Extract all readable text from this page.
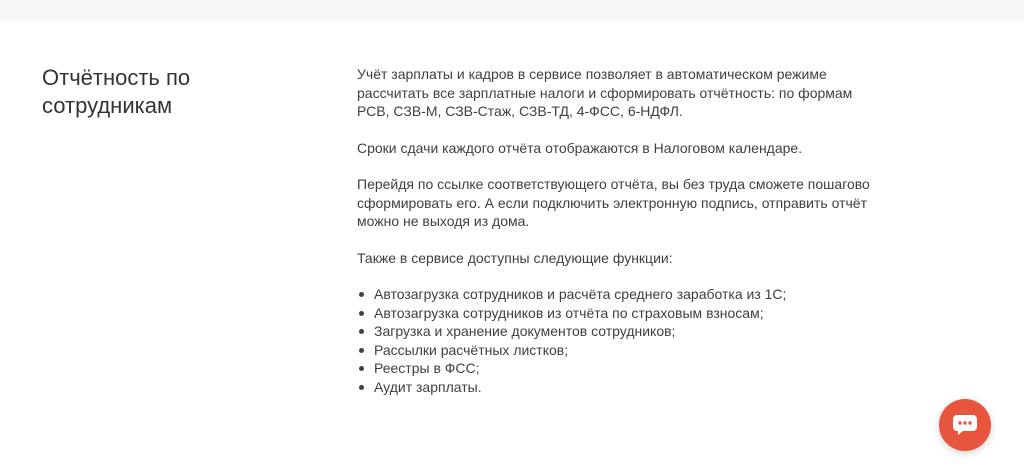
Отчётность по сотрудникам

Учёт зарплаты и кадров в сервисе позволяет в автоматическом режиме рассчитать все зарплатные налоги и сформировать отчётность: по формам РСВ, СЗВ-М, СЗВ-Стаж, СЗВ-ТД, 4-ФСС, 6-НДФЛ.

Сроки сдачи каждого отчёта отображаются в Налоговом календаре.

Перейдя по ссылке соответствующего отчёта, вы без труда сможете пошагово сформировать его. А если подключить электронную подпись, отправить отчёт можно не выходя из дома.

Также в сервисе доступны следующие функции:

Автозагрузка сотрудников и расчёта среднего заработка из 1С;
Автозагрузка сотрудников из отчёта по страховым взносам;
Загрузка и хранение документов сотрудников;
Рассылки расчётных листков;
Реестры в ФСС;
Аудит зарплаты.
